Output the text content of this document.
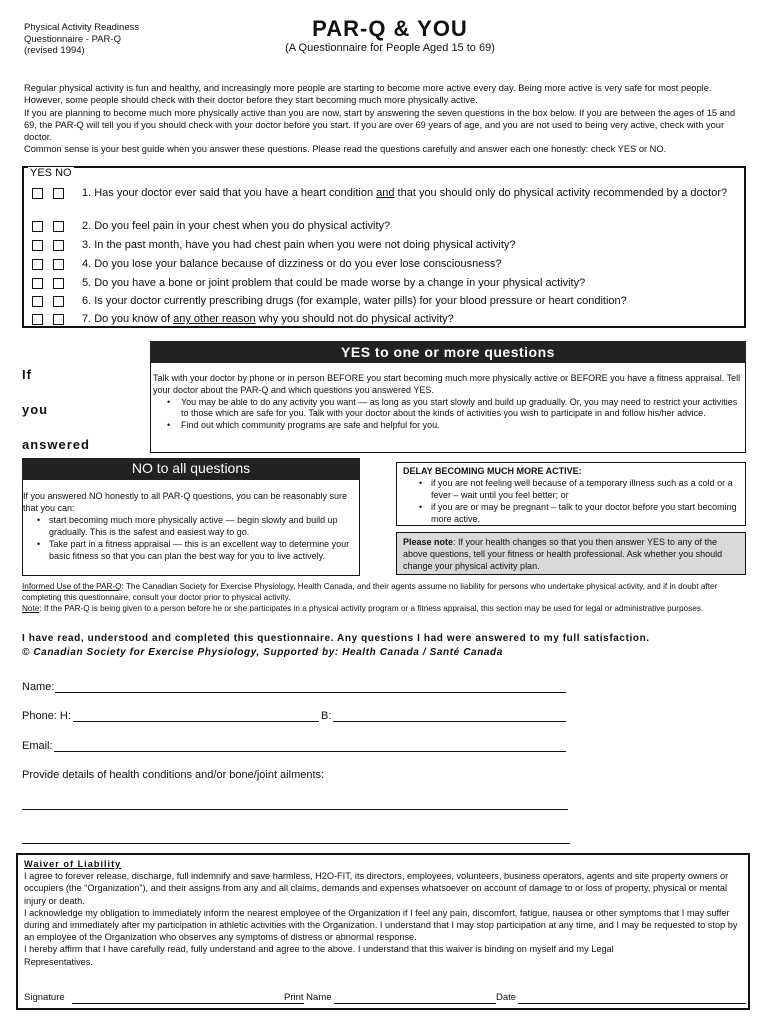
Physical Activity Readiness
Questionnaire - PAR-Q
(revised 1994)
PAR-Q & YOU
(A Questionnaire for People Aged 15 to 69)

Regular physical activity is fun and healthy, and increasingly more people are starting to become more active every day. Being more active is very safe for most people. However, some people should check with their doctor before they start becoming much more physically active.

If you are planning to become much more physically active than you are now, start by answering the seven questions in the box below. If you are between the ages of 15 and 69, the PAR-Q will tell you if you should check with your doctor before you start. If you are over 69 years of age, and you are not used to being very active, check with your doctor.

Common sense is your best guide when you answer these questions. Please read the questions carefully and answer each one honestly: check YES or NO.

YES NO
1. Has your doctor ever said that you have a heart condition and that you should only do physical activity recommended by a doctor?
2. Do you feel pain in your chest when you do physical activity?
3. In the past month, have you had chest pain when you were not doing physical activity?
4. Do you lose your balance because of dizziness or do you ever lose consciousness?
5. Do you have a bone or joint problem that could be made worse by a change in your physical activity?
6. Is your doctor currently prescribing drugs (for example, water pills) for your blood pressure or heart condition?
7. Do you know of any other reason why you should not do physical activity?
If
you
answered
YES to one or more questions
Talk with your doctor by phone or in person BEFORE you start becoming much more physically active or BEFORE you have a fitness appraisal. Tell your doctor about the PAR-Q and which questions you answered YES.
• You may be able to do any activity you want — as long as you start slowly and build up gradually. Or, you may need to restrict your activities to those which are safe for you. Talk with your doctor about the kinds of activities you wish to participate in and follow his/her advice.
• Find out which community programs are safe and helpful for you.
NO to all questions
If you answered NO honestly to all PAR-Q questions, you can be reasonably sure that you can:
• start becoming much more physically active — begin slowly and build up gradually. This is the safest and easiest way to go.
• Take part in a fitness appraisal — this is an excellent way to determine your basic fitness so that you can plan the best way for you to live actively.
DELAY BECOMING MUCH MORE ACTIVE:
• if you are not feeling well because of a temporary illness such as a cold or a fever – wait until you feel better; or
• if you are or may be pregnant – talk to your doctor before you start becoming more active.
Please note: If your health changes so that you then answer YES to any of the above questions, tell your fitness or health professional. Ask whether you should change your physical activity plan.

Informed Use of the PAR-Q: The Canadian Society for Exercise Physiology, Health Canada, and their agents assume no liability for persons who undertake physical activity, and if in doubt after completing this questionnaire, consult your doctor prior to physical activity.

Note: If the PAR-Q is being given to a person before he or she participates in a physical activity program or a fitness appraisal, this section may be used for legal or administrative purposes.

I have read, understood and completed this questionnaire. Any questions I had were answered to my full satisfaction.
© Canadian Society for Exercise Physiology, Supported by: Health Canada / Santé Canada
Name:
Phone: H:	B:
Email:
Provide details of health conditions and/or bone/joint ailments:

Waiver of Liability

I agree to forever release, discharge, full indemnify and save harmless, H2O-FIT, its directors, employees, volunteers, business operators, agents and site property owners or occupiers (the “Organization”), and their assigns from any and all claims, demands and expenses whatsoever on account of damage to or loss of property, physical or mental injury or death.

I acknowledge my obligation to immediately inform the nearest employee of the Organization if I feel any pain, discomfort, fatigue, nausea or other symptoms that I may suffer during and immediately after my participation in athletic activities with the Organization. I understand that I may stop participation at any time, and I may be requested to stop by an employee of the Organization who observes any symptoms of distress or abnormal response.

I hereby affirm that I have carefully read, fully understand and agree to the above. I understand that this waiver is binding on myself and my Legal Representatives.

Signature	Print Name	Date
